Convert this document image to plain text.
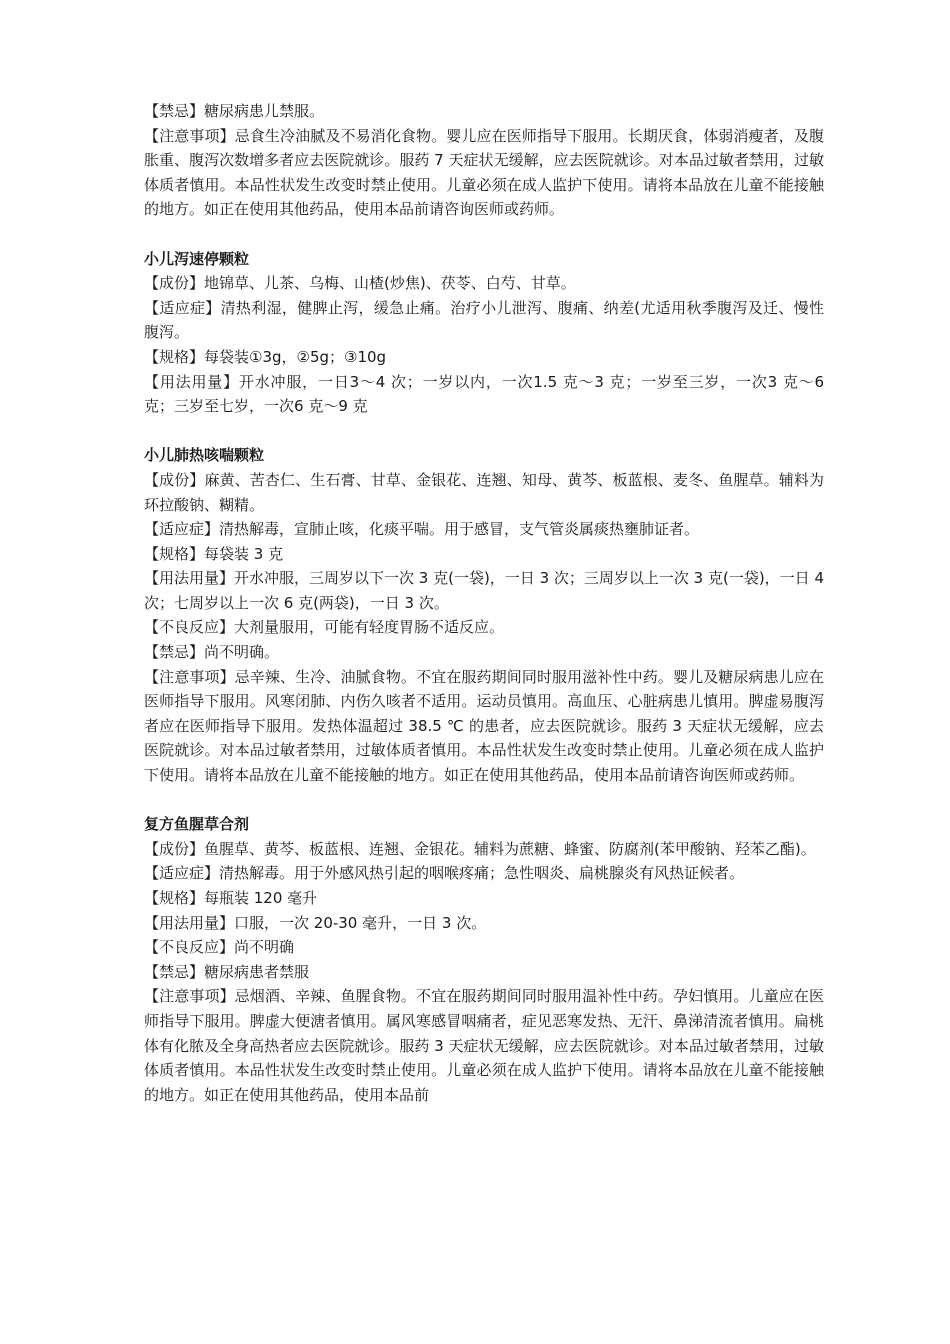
【禁忌】糖尿病患儿禁服。

【注意事项】忌食生冷油腻及不易消化食物。婴儿应在医师指导下服用。长期厌食，体弱消瘦者，及腹胀重、腹泻次数增多者应去医院就诊。服药 7 天症状无缓解，应去医院就诊。对本品过敏者禁用，过敏体质者慎用。本品性状发生改变时禁止使用。儿童必须在成人监护下使用。请将本品放在儿童不能接触的地方。如正在使用其他药品，使用本品前请咨询医师或药师。

小儿泻速停颗粒

【成份】地锦草、儿茶、乌梅、山楂(炒焦)、茯苓、白芍、甘草。

【适应症】清热利湿，健脾止泻，缓急止痛。治疗小儿泄泻、腹痛、纳差(尤适用秋季腹泻及迁、慢性腹泻。

【规格】每袋装①3g，②5g；③10g

【用法用量】开水冲服，一日3～4 次；一岁以内，一次1.5 克～3 克；一岁至三岁，一次3 克～6 克；三岁至七岁，一次6 克～9 克

小儿肺热咳喘颗粒

【成份】麻黄、苦杏仁、生石膏、甘草、金银花、连翘、知母、黄芩、板蓝根、麦冬、鱼腥草。辅料为环拉酸钠、糊精。

【适应症】清热解毒，宣肺止咳，化痰平喘。用于感冒，支气管炎属痰热壅肺证者。

【规格】每袋装 3 克

【用法用量】开水冲服，三周岁以下一次 3 克(一袋)，一日 3 次；三周岁以上一次 3 克(一袋)，一日 4 次；七周岁以上一次 6 克(两袋)，一日 3 次。

【不良反应】大剂量服用，可能有轻度胃肠不适反应。

【禁忌】尚不明确。

【注意事项】忌辛辣、生冷、油腻食物。不宜在服药期间同时服用滋补性中药。婴儿及糖尿病患儿应在医师指导下服用。风寒闭肺、内伤久咳者不适用。运动员慎用。高血压、心脏病患儿慎用。脾虚易腹泻者应在医师指导下服用。发热体温超过 38.5 ℃ 的患者，应去医院就诊。服药 3 天症状无缓解，应去医院就诊。对本品过敏者禁用，过敏体质者慎用。本品性状发生改变时禁止使用。儿童必须在成人监护下使用。请将本品放在儿童不能接触的地方。如正在使用其他药品，使用本品前请咨询医师或药师。

复方鱼腥草合剂

【成份】鱼腥草、黄芩、板蓝根、连翘、金银花。辅料为蔗糖、蜂蜜、防腐剂(苯甲酸钠、羟苯乙酯)。

【适应症】清热解毒。用于外感风热引起的咽喉疼痛；急性咽炎、扁桃腺炎有风热证候者。

【规格】每瓶装 120 毫升

【用法用量】口服，一次 20-30 毫升，一日 3 次。

【不良反应】尚不明确

【禁忌】糖尿病患者禁服

【注意事项】忌烟酒、辛辣、鱼腥食物。不宜在服药期间同时服用温补性中药。孕妇慎用。儿童应在医师指导下服用。脾虚大便溏者慎用。属风寒感冒咽痛者，症见恶寒发热、无汗、鼻涕清流者慎用。扁桃体有化脓及全身高热者应去医院就诊。服药 3 天症状无缓解，应去医院就诊。对本品过敏者禁用，过敏体质者慎用。本品性状发生改变时禁止使用。儿童必须在成人监护下使用。请将本品放在儿童不能接触的地方。如正在使用其他药品，使用本品前
